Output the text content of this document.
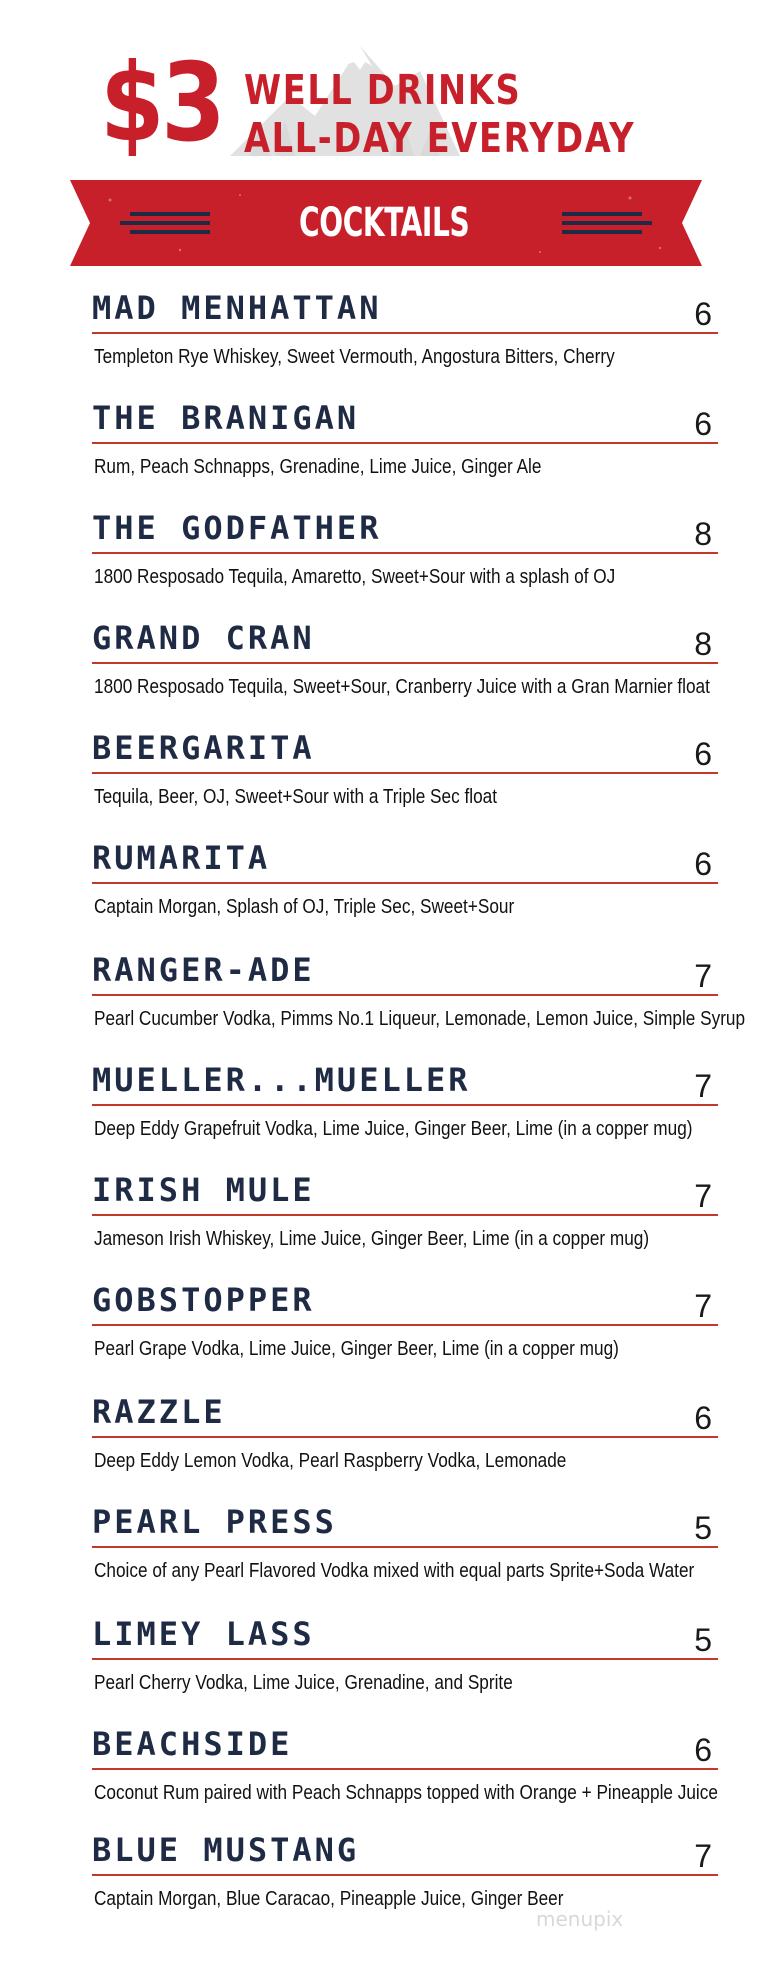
$3 WELL DRINKS
ALL-DAY EVERYDAY
COCKTAILS
MAD MENHATTAN	6
Templeton Rye Whiskey, Sweet Vermouth, Angostura Bitters, Cherry
THE BRANIGAN	6
Rum, Peach Schnapps, Grenadine, Lime Juice, Ginger Ale
THE GODFATHER	8
1800 Resposado Tequila, Amaretto, Sweet+Sour with a splash of OJ
GRAND CRAN	8
1800 Resposado Tequila, Sweet+Sour, Cranberry Juice with a Gran Marnier float
BEERGARITA	6
Tequila, Beer, OJ, Sweet+Sour with a Triple Sec float
RUMARITA	6
Captain Morgan, Splash of OJ, Triple Sec, Sweet+Sour
RANGER-ADE	7
Pearl Cucumber Vodka, Pimms No.1 Liqueur, Lemonade, Lemon Juice, Simple Syrup
MUELLER...MUELLER	7
Deep Eddy Grapefruit Vodka, Lime Juice, Ginger Beer, Lime (in a copper mug)
IRISH MULE	7
Jameson Irish Whiskey, Lime Juice, Ginger Beer, Lime (in a copper mug)
GOBSTOPPER	7
Pearl Grape Vodka, Lime Juice, Ginger Beer, Lime (in a copper mug)
RAZZLE	6
Deep Eddy Lemon Vodka, Pearl Raspberry Vodka, Lemonade
PEARL PRESS	5
Choice of any Pearl Flavored Vodka mixed with equal parts Sprite+Soda Water
LIMEY LASS	5
Pearl Cherry Vodka, Lime Juice, Grenadine, and Sprite
BEACHSIDE	6
Coconut Rum paired with Peach Schnapps topped with Orange + Pineapple Juice
BLUE MUSTANG	7
Captain Morgan, Blue Caracao, Pineapple Juice, Ginger Beer
menupix
